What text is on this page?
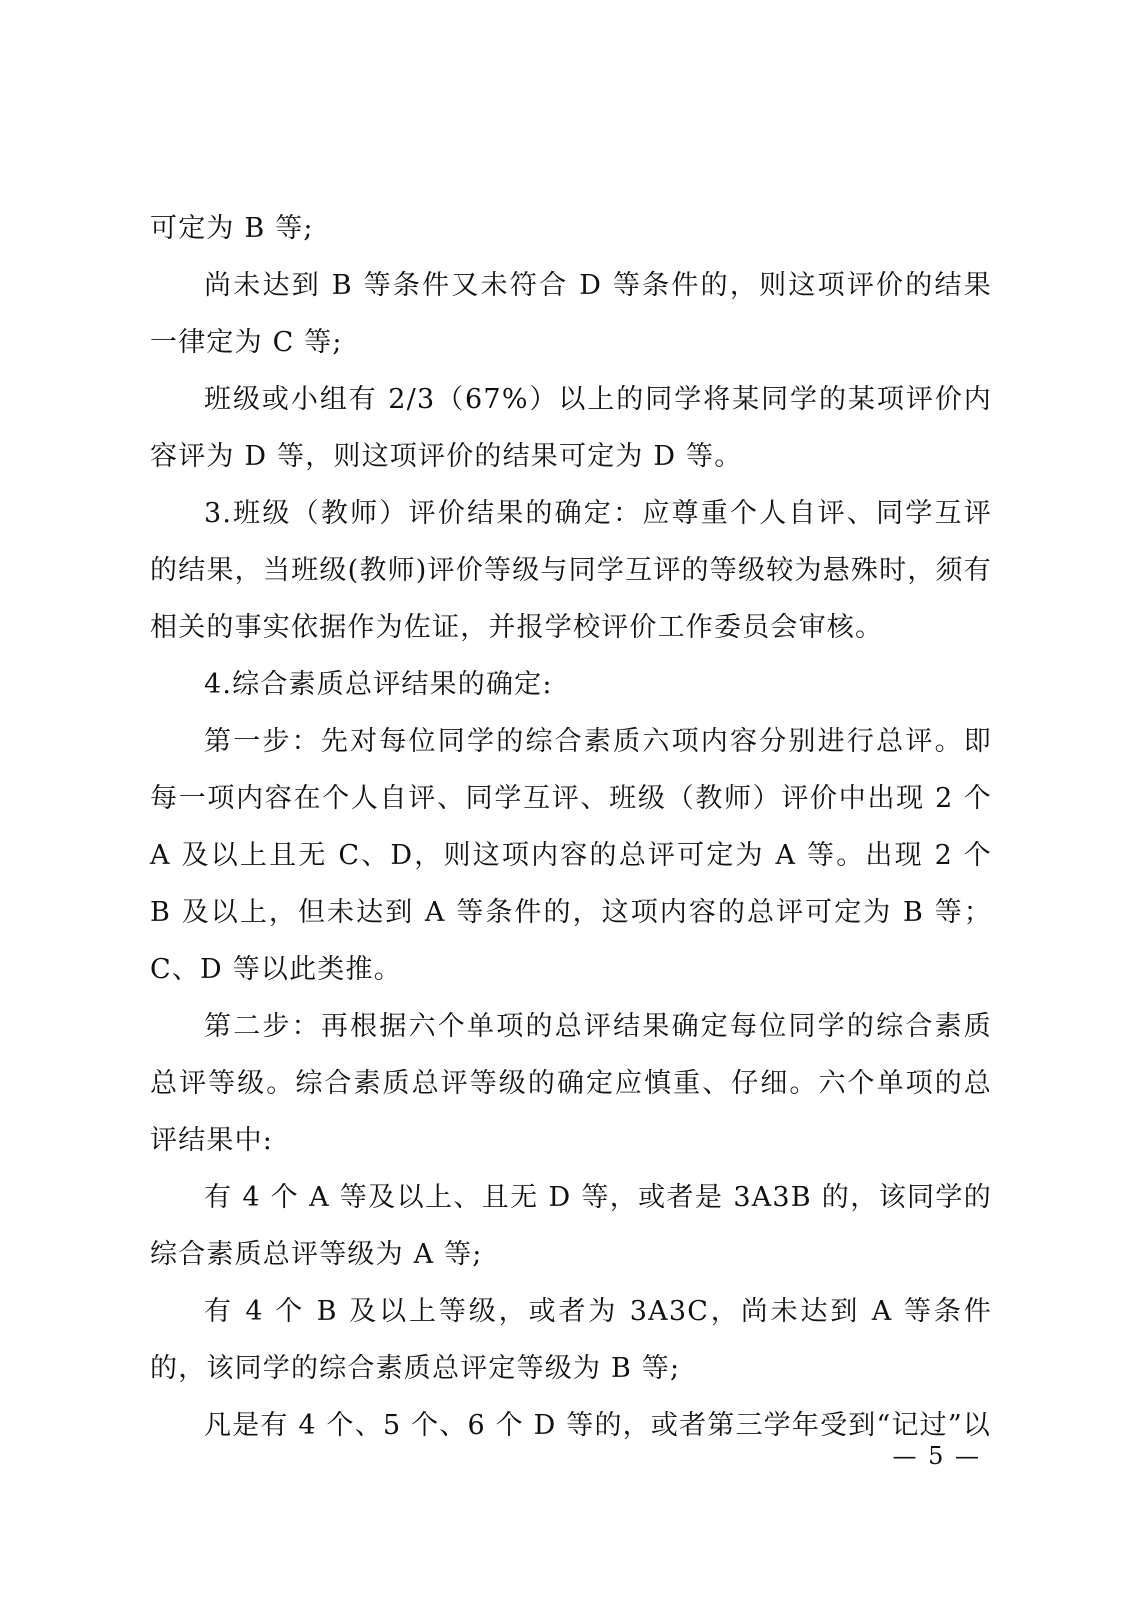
可定为 B 等;

尚未达到 B 等条件又未符合 D 等条件的，则这项评价的结果一律定为 C 等;

班级或小组有 2/3（67%）以上的同学将某同学的某项评价内容评为 D 等，则这项评价的结果可定为 D 等。

3.班级（教师）评价结果的确定：应尊重个人自评、同学互评的结果，当班级(教师)评价等级与同学互评的等级较为悬殊时，须有相关的事实依据作为佐证，并报学校评价工作委员会审核。

4.综合素质总评结果的确定:

第一步：先对每位同学的综合素质六项内容分别进行总评。即每一项内容在个人自评、同学互评、班级（教师）评价中出现 2 个 A 及以上且无 C、D，则这项内容的总评可定为 A 等。出现 2 个 B 及以上，但未达到 A 等条件的，这项内容的总评可定为 B 等；C、D 等以此类推。

第二步：再根据六个单项的总评结果确定每位同学的综合素质总评等级。综合素质总评等级的确定应慎重、仔细。六个单项的总评结果中:

有 4 个 A 等及以上、且无 D 等，或者是 3A3B 的，该同学的综合素质总评等级为 A 等;

有 4 个 B 及以上等级，或者为 3A3C，尚未达到 A 等条件的，该同学的综合素质总评定等级为 B 等;

凡是有 4 个、5 个、6 个 D 等的，或者第三学年受到“记过”以

— 5 —
